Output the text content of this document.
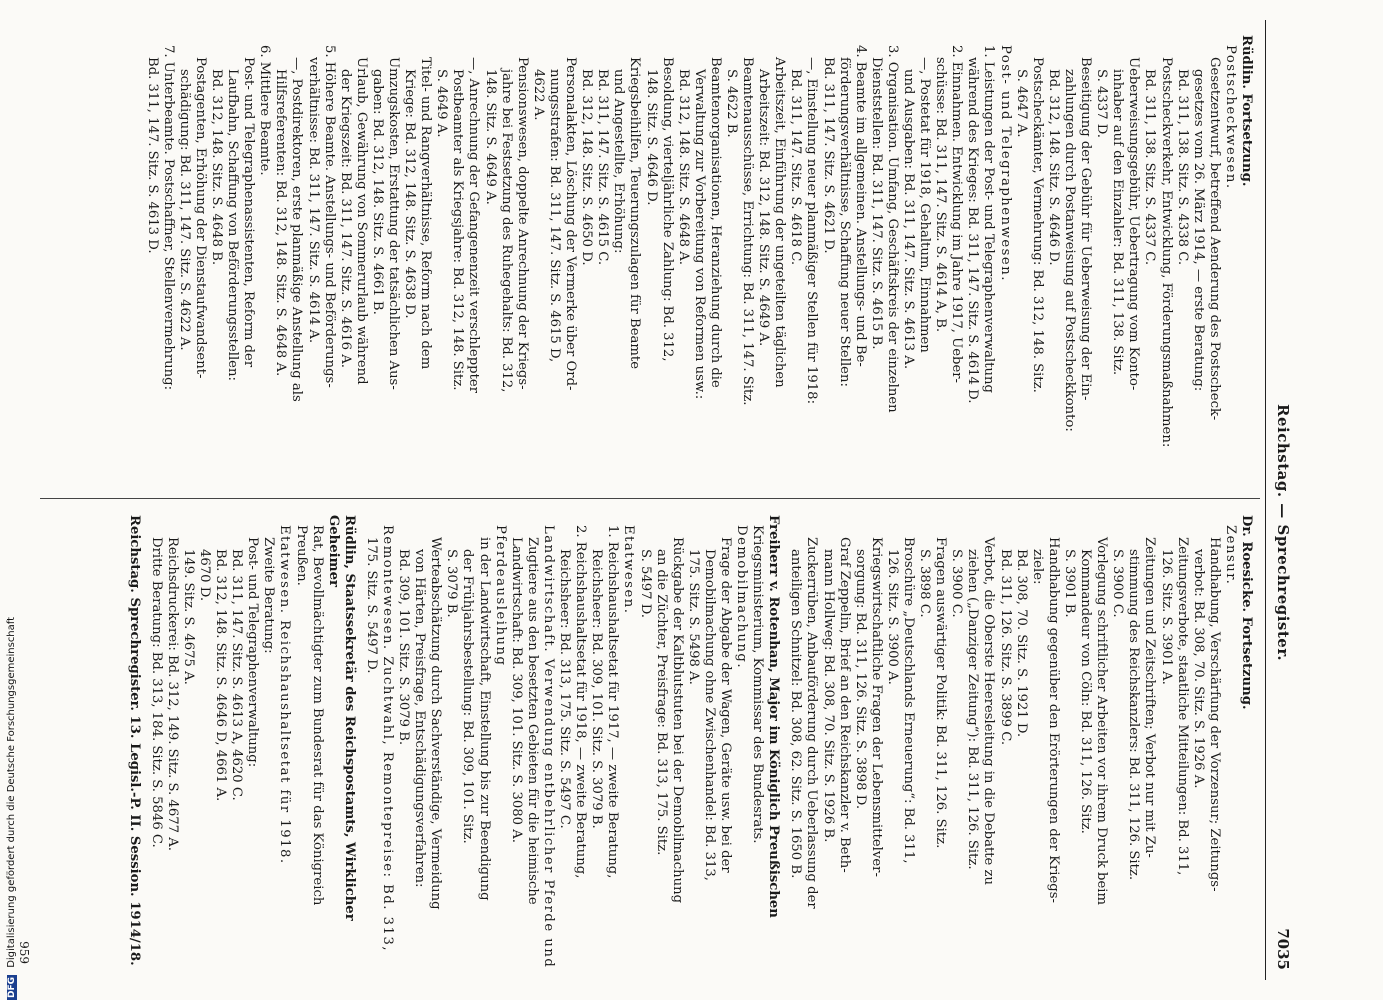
Reichstag. — Sprechregister.
7035
Rüdlin. Fortsetzung.
Postscheckwesen.
Gesetzentwurf, betreffend Aenderung des Postscheck-
gesetzes vom 26. März 1914, — erste Beratung:
Bd. 311, 138. Sitz. S. 4338 C.
Postscheckverkehr, Entwicklung, Förderungsmaßnahmen:
Bd. 311, 138. Sitz. S. 4337 C.
Ueberweisungsgebühr, Uebertragung vom Konto-
inhaber auf den Einzahler: Bd. 311, 138. Sitz.
S. 4337 D.
Beseitigung der Gebühr für Ueberweisung der Ein-
zahlungen durch Postanweisung auf Postscheckkonto:
Bd. 312, 148. Sitz. S. 4646 D.
Postscheckämter, Vermehrung: Bd. 312, 148. Sitz.
S. 4647 A.
Post- und Telegraphenwesen.
1. Leistungen der Post- und Telegraphenverwaltung
während des Krieges: Bd. 311, 147. Sitz. S. 4614 D.
2. Einnahmen. Entwicklung im Jahre 1917, Ueber-
schüsse: Bd. 311, 147. Sitz. S. 4614 A, B.
—, Postetat für 1918, Gehaltum, Einnahmen
und Ausgaben: Bd. 311, 147. Sitz. S. 4613 A.
3. Organisation. Umfang, Geschäftskreis der einzelnen
Dienststellen: Bd. 311, 147. Sitz. S. 4615 B.
4. Beamte im allgemeinen. Anstellungs- und Be-
förderungsverhältnisse, Schaffung neuer Stellen:
Bd. 311, 147. Sitz. S. 4621 D.
—, Einstellung neuer planmäßiger Stellen für 1918:
Bd. 311, 147. Sitz. S. 4618 C.
Arbeitszeit, Einführung der ungeteilten täglichen
Arbeitszeit: Bd. 312, 148. Sitz. S. 4649 A.
Beamtenausschüsse, Errichtung: Bd. 311, 147. Sitz.
S. 4622 B.
Beamtenorganisationen, Heranziehung durch die
Verwaltung zur Vorbereitung von Reformen usw.:
Bd. 312, 148. Sitz. S. 4648 A.
Besoldung, vierteljährliche Zahlung: Bd. 312,
148. Sitz. S. 4646 D.
Kriegsbeihilfen, Teuerungszulagen für Beamte
und Angestellte, Erhöhung:
Bd. 311, 147. Sitz. S. 4615 C.
Bd. 312, 148. Sitz. S. 4650 D.
Personalakten, Löschung der Vermerke über Ord-
nungsstrafen: Bd. 311, 147. Sitz. S. 4615 D,
4622 A.
Pensionswesen, doppelte Anrechnung der Kriegs-
jahre bei Festsetzung des Ruhegehalts: Bd. 312,
148. Sitz. S. 4649 A.
—, Anrechnung der Gefangenenzeit verschleppter
Postbeamter als Kriegsjahre: Bd. 312, 148. Sitz.
S. 4649 A.
Titel- und Rangverhältnisse, Reform nach dem
Kriege: Bd. 312, 148. Sitz. S. 4638 D.
Umzugskosten, Erstattung der tatsächlichen Aus-
gaben: Bd. 312, 148. Sitz. S. 4661 B.
Urlaub, Gewährung von Sommerurlaub während
der Kriegszeit: Bd. 311, 147. Sitz. S. 4616 A.
5. Höhere Beamte. Anstellungs- und Beförderungs-
verhältnisse: Bd. 311, 147. Sitz. S. 4614 A.
—, Postdirektoren, erste planmäßige Anstellung als
Hilfsreferenten: Bd. 312, 148. Sitz. S. 4648 A.
6. Mittlere Beamte.
Post- und Telegraphenassistenten, Reform der
Laufbahn, Schaffung von Beförderungsstellen:
Bd. 312, 148. Sitz. S. 4648 B.
Postagenten, Erhöhung der Dienstaufwandsent-
schädigung: Bd. 311, 147. Sitz. S. 4622 A.
7. Unterbeamte. Postschaffner, Stellenvermehrung:
Bd. 311, 147. Sitz. S. 4613 D.
Dr. Roesicke. Fortsetzung.
Zensur.
Handhabung, Verschärfung der Vorzensur; Zeitungs-
verbot: Bd. 308, 70. Sitz. S. 1926 A.
Zeitungsverbote, staatliche Mitteilungen: Bd. 311,
126. Sitz. S. 3901 A.
Zeitungen und Zeitschriften; Verbot nur mit Zu-
stimmung des Reichskanzlers: Bd. 311, 126. Sitz.
S. 3900 C.
Vorlegung schriftlicher Arbeiten vor ihrem Druck beim
Kommandeur von Cöln: Bd. 311, 126. Sitz.
S. 3901 B.
Handhabung gegenüber den Erörterungen der Kriegs-
ziele:
Bd. 308, 70. Sitz. S. 1921 D.
Bd. 311, 126. Sitz. S. 3899 C.
Verbot, die Oberste Heeresleitung in die Debatte zu
ziehen („Danziger Zeitung“): Bd. 311, 126. Sitz.
S. 3900 C.
Fragen auswärtiger Politik: Bd. 311, 126. Sitz.
S. 3898 C.
Broschüre „Deutschlands Erneuerung“: Bd. 311,
126. Sitz. S. 3900 A.
Kriegswirtschaftliche Fragen der Lebensmittelver-
sorgung: Bd. 311, 126. Sitz. S. 3898 D.
Graf Zeppelin, Brief an den Reichskanzler v. Beth-
mann Hollweg: Bd. 308, 70. Sitz. S. 1926 B.
Zuckerrüben, Anbauförderung durch Ueberlassung der
anteiligen Schnitzel: Bd. 308, 62. Sitz. S. 1650 B.
Freiherr v. Rotenhan, Major im Königlich Preußischen
Kriegsministerium, Kommissar des Bundesrats.
Demobilmachung.
Frage der Abgabe der Wagen, Geräte usw. bei der
Demobilmachung ohne Zwischenhandel: Bd. 313,
175. Sitz. S. 5498 A.
Rückgabe der Kaltblutstuten bei der Demobilmachung
an die Züchter, Preisfrage: Bd. 313, 175. Sitz.
S. 5497 D.
Etatwesen.
1. Reichshaushaltsetat für 1917, — zweite Beratung,
Reichsheer: Bd. 309, 101. Sitz. S. 3079 B.
2. Reichshaushaltsetat für 1918, — zweite Beratung,
Reichsheer: Bd. 313, 175. Sitz. S. 5497 C.
Landwirtschaft. Verwendung entbehrlicher Pferde und
Zugtiere aus den besetzten Gebieten für die heimische
Landwirtschaft: Bd. 309, 101. Sitz. S. 3080 A.
Pferdeausleihung
in der Landwirtschaft, Einstellung bis zur Beendigung
der Frühjahrsbestellung: Bd. 309, 101. Sitz.
S. 3079 B.
Werteabschätzung durch Sachverständige, Vermeidung
von Härten, Preisfrage, Entschädigungsverfahren:
Bd. 309, 101. Sitz. S. 3079 B.
Remontewesen. Zuchtwahl, Remontepreise: Bd. 313,
175. Sitz. S. 5497 D.
Rüdlin, Staatssekretär des Reichspostamts, Wirklicher Geheimer
Rat, Bevollmächtigter zum Bundesrat für das Königreich
Preußen.
Etatwesen. Reichshaushaltsetat für 1918.
Zweite Beratung:
Post- und Telegraphenverwaltung:
Bd. 311, 147. Sitz. S. 4613 A, 4620 C.
Bd. 312, 148. Sitz. S. 4646 D, 4661 A.
4670 D.
149. Sitz. S. 4675 A.
Reichsdruckerei: Bd. 312, 149. Sitz. S. 4677 A.
Dritte Beratung: Bd. 313, 184. Sitz. S. 5846 C.
Reichstag. Sprechregister. 13. Legisl.-P. II. Session. 1914/18.
959
DFG Digitalisierung gefördert durch die Deutsche Forschungsgemeinschaft
